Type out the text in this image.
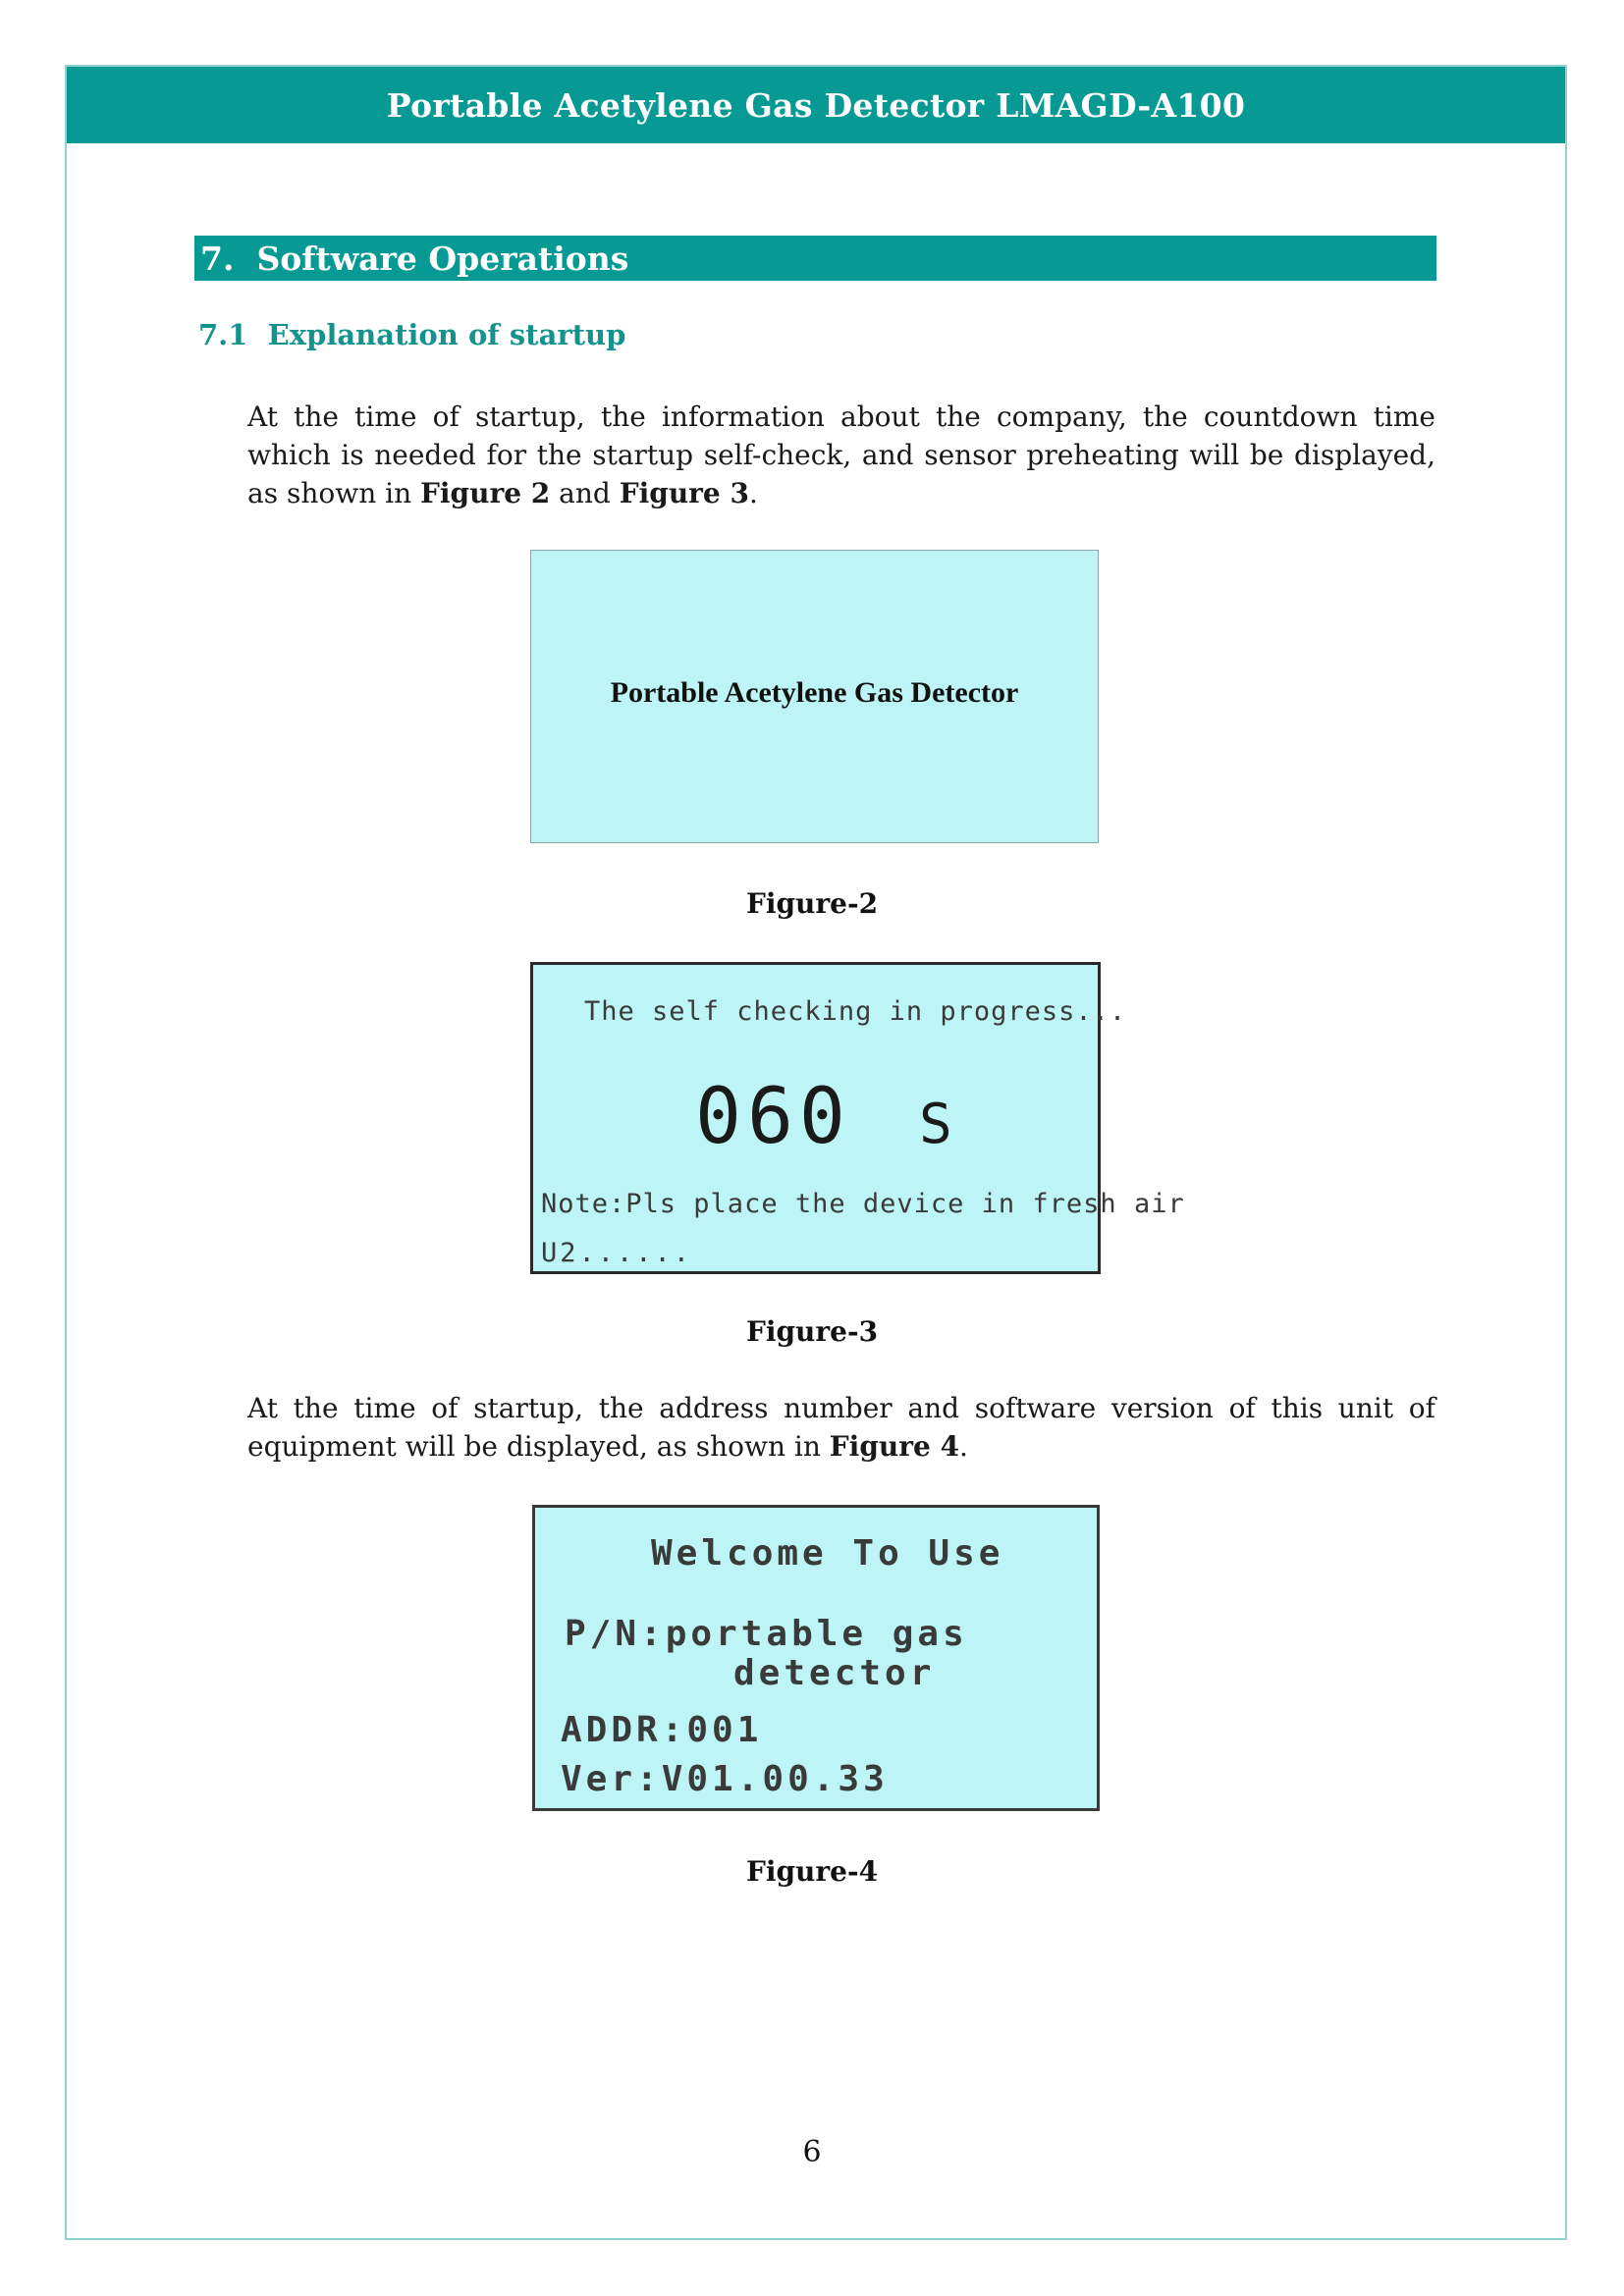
Portable Acetylene Gas Detector LMAGD-A100
7. Software Operations
7.1 Explanation of startup
At the time of startup, the information about the company, the countdown time which is needed for the startup self-check, and sensor preheating will be displayed, as shown in Figure 2 and Figure 3.
Portable Acetylene Gas Detector
Figure-2
The self checking in progress...
060 S
Note:Pls place the device in fresh air
U2......
Figure-3
At the time of startup, the address number and software version of this unit of equipment will be displayed, as shown in Figure 4.
Welcome To Use
P/N:portable gas
detector
ADDR:001
Ver:V01.00.33
Figure-4
6
